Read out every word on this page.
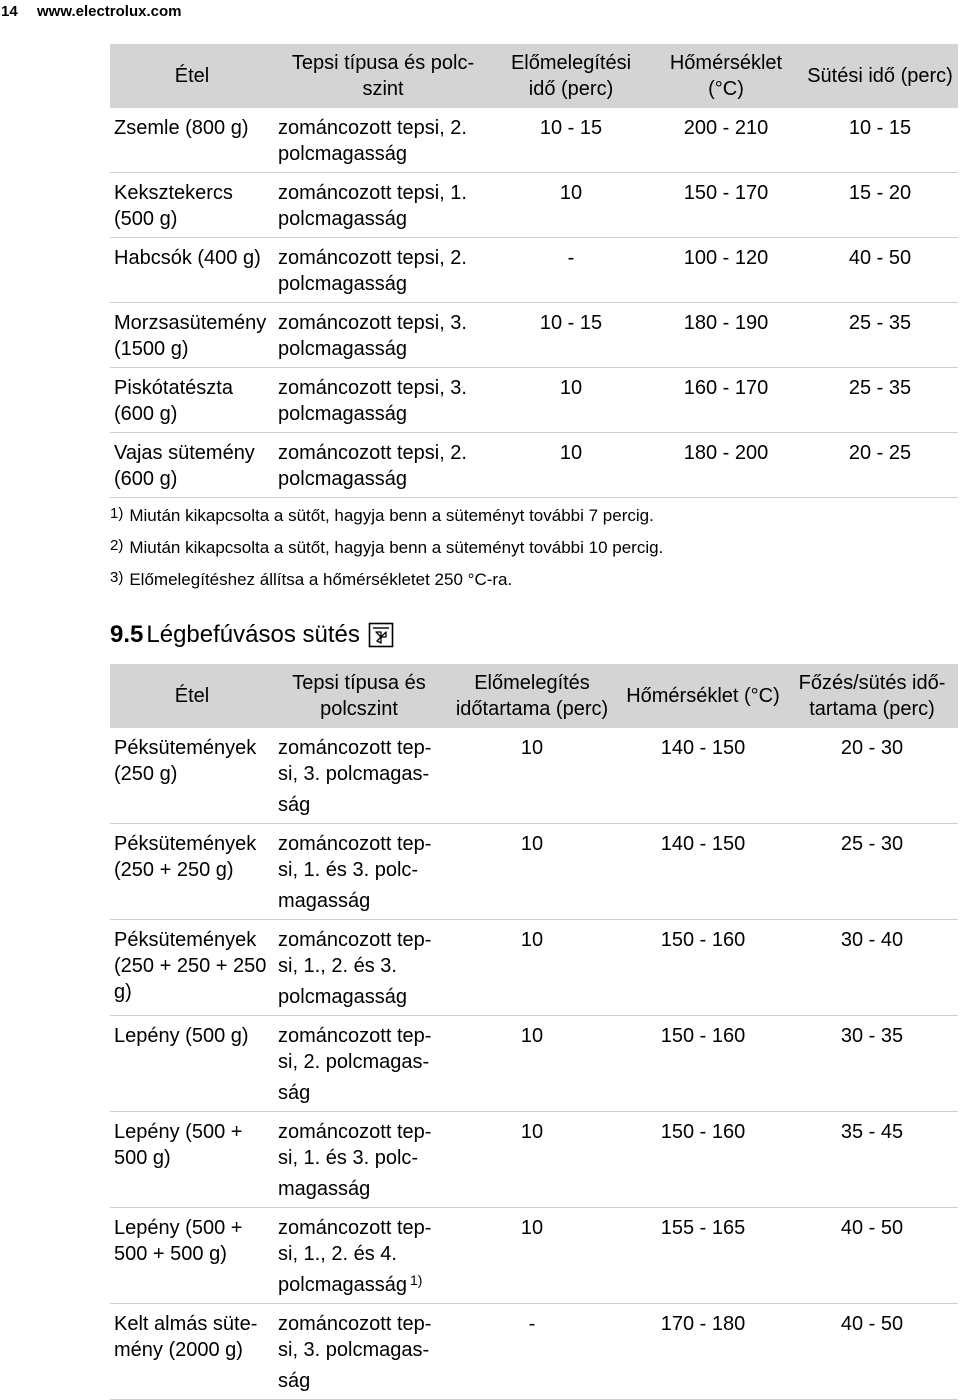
14	www.electrolux.com
Étel	Tepsi típusa és polc-szint	Előmelegítési idő (perc)	Hőmérséklet (°C)	Sütési idő (perc)
Zsemle (800 g)	zománcozott tepsi, 2. polcmagasság	10 - 15	200 - 210	10 - 15
Keksztekercs (500 g)	zománcozott tepsi, 1. polcmagasság	10	150 - 170	15 - 20
Habcsók (400 g)	zománcozott tepsi, 2. polcmagasság	-	100 - 120	40 - 50
Morzsasütemény (1500 g)	zománcozott tepsi, 3. polcmagasság	10 - 15	180 - 190	25 - 35
Piskótatészta (600 g)	zománcozott tepsi, 3. polcmagasság	10	160 - 170	25 - 35
Vajas sütemény (600 g)	zománcozott tepsi, 2. polcmagasság	10	180 - 200	20 - 25
1) Miután kikapcsolta a sütőt, hagyja benn a süteményt további 7 percig.
2) Miután kikapcsolta a sütőt, hagyja benn a süteményt további 10 percig.
3) Előmelegítéshez állítsa a hőmérsékletet 250 °C-ra.
9.5 Légbefúvásos sütés
Étel	Tepsi típusa és polcszint	Előmelegítés időtartama (perc)	Hőmérséklet (°C)	Főzés/sütés idő-tartama (perc)
Péksütemények (250 g)	zománcozott tep-si, 3. polcmagas-ság	10	140 - 150	20 - 30
Péksütemények (250 + 250 g)	zománcozott tep-si, 1. és 3. polc-magasság	10	140 - 150	25 - 30
Péksütemények (250 + 250 + 250 g)	zománcozott tep-si, 1., 2. és 3. polcmagasság	10	150 - 160	30 - 40
Lepény (500 g)	zománcozott tep-si, 2. polcmagas-ság	10	150 - 160	30 - 35
Lepény (500 + 500 g)	zománcozott tep-si, 1. és 3. polc-magasság	10	150 - 160	35 - 45
Lepény (500 + 500 + 500 g)	zománcozott tep-si, 1., 2. és 4. polcmagasság $^{1)}$	10	155 - 165	40 - 50
Kelt almás süte-mény (2000 g)	zománcozott tep-si, 3. polcmagas-ság	-	170 - 180	40 - 50
